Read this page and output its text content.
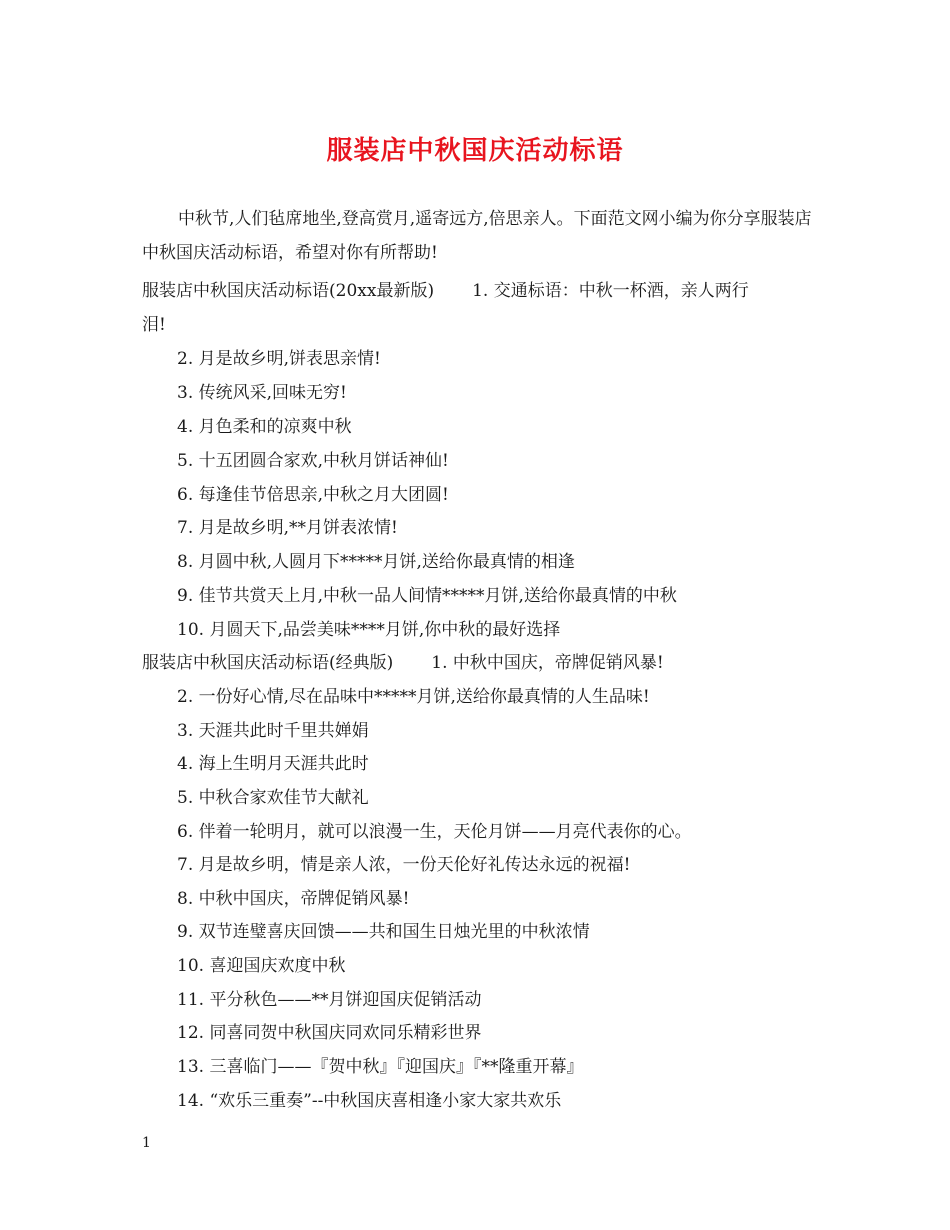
服装店中秋国庆活动标语
中秋节,人们毡席地坐,登高赏月,遥寄远方,倍思亲人。下面范文网小编为你分享服装店中秋国庆活动标语，希望对你有所帮助!
服装店中秋国庆活动标语(20xx最新版) 1. 交通标语：中秋一杯酒，亲人两行
泪!
2. 月是故乡明,饼表思亲情!
3. 传统风采,回味无穷!
4. 月色柔和的凉爽中秋
5. 十五团圆合家欢,中秋月饼话神仙!
6. 每逢佳节倍思亲,中秋之月大团圆!
7. 月是故乡明,**月饼表浓情!
8. 月圆中秋,人圆月下*****月饼,送给你最真情的相逢
9. 佳节共赏天上月,中秋一品人间情*****月饼,送给你最真情的中秋
10. 月圆天下,品尝美味****月饼,你中秋的最好选择
服装店中秋国庆活动标语(经典版) 1. 中秋中国庆，帝牌促销风暴!
2. 一份好心情,尽在品味中*****月饼,送给你最真情的人生品味!
3. 天涯共此时千里共婵娟
4. 海上生明月天涯共此时
5. 中秋合家欢佳节大献礼
6. 伴着一轮明月，就可以浪漫一生，天伦月饼——月亮代表你的心。
7. 月是故乡明，情是亲人浓，一份天伦好礼传达永远的祝福!
8. 中秋中国庆，帝牌促销风暴!
9. 双节连璧喜庆回馈——共和国生日烛光里的中秋浓情
10. 喜迎国庆欢度中秋
11. 平分秋色——**月饼迎国庆促销活动
12. 同喜同贺中秋国庆同欢同乐精彩世界
13. 三喜临门——『贺中秋』『迎国庆』『**隆重开幕』
14. “欢乐三重奏”--中秋国庆喜相逢小家大家共欢乐
1
